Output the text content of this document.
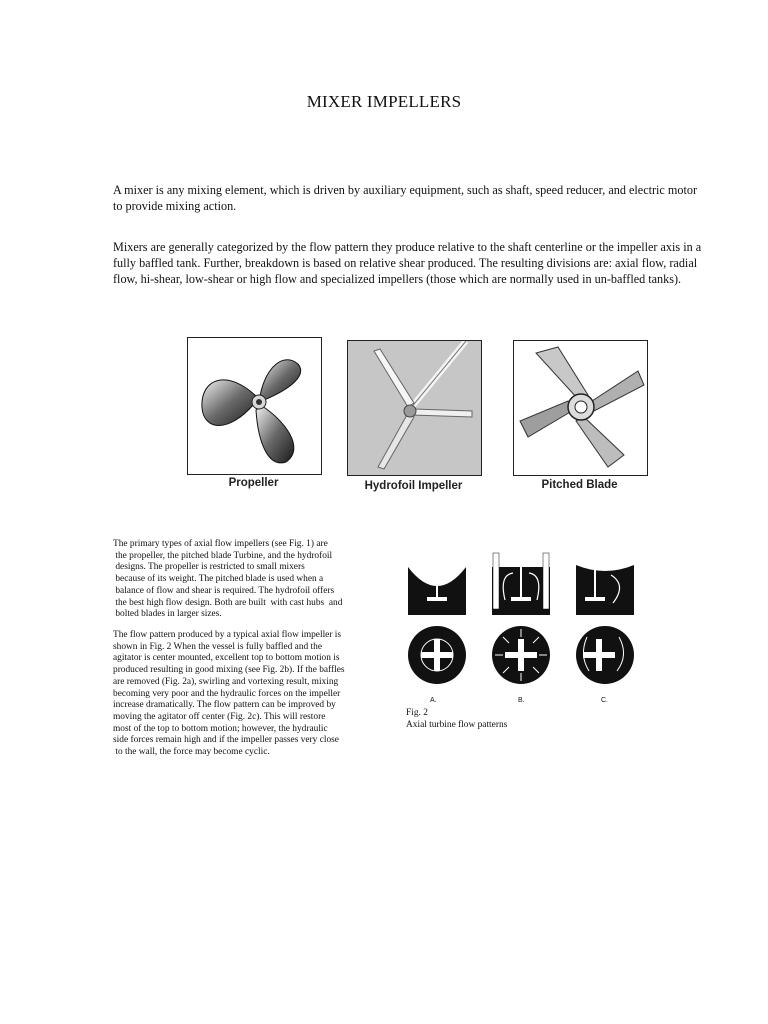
MIXER IMPELLERS
A mixer is any mixing element, which is driven by auxiliary equipment, such as shaft, speed reducer, and electric motor to provide mixing action.
Mixers are generally categorized by the flow pattern they produce relative to the shaft centerline or the impeller axis in a fully baffled tank. Further, breakdown is based on relative shear produced. The resulting divisions are: axial flow, radial flow, hi-shear, low-shear or high flow and specialized impellers (those which are normally used in un-baffled tanks).
Propeller	Hydrofoil Impeller	Pitched Blade
The primary types of axial flow impellers (see Fig. 1) are
the propeller, the pitched blade Turbine, and the hydrofoil
designs. The propeller is restricted to small mixers
because of its weight. The pitched blade is used when a
balance of flow and shear is required. The hydrofoil offers
the best high flow design. Both are built  with cast hubs  and
bolted blades in larger sizes.
The flow pattern produced by a typical axial flow impeller is
shown in Fig. 2 When the vessel is fully baffled and the
agitator is center mounted, excellent top to bottom motion is
produced resulting in good mixing (see Fig. 2b). If the baffles
are removed (Fig. 2a), swirling and vortexing result, mixing
becoming very poor and the hydraulic forces on the impeller
increase dramatically. The flow pattern can be improved by
moving the agitator off center (Fig. 2c). This will restore
most of the top to bottom motion; however, the hydraulic
side forces remain high and if the impeller passes very close
to the wall, the force may become cyclic.
A.	B.	C.
Fig. 2
Axial turbine flow patterns
